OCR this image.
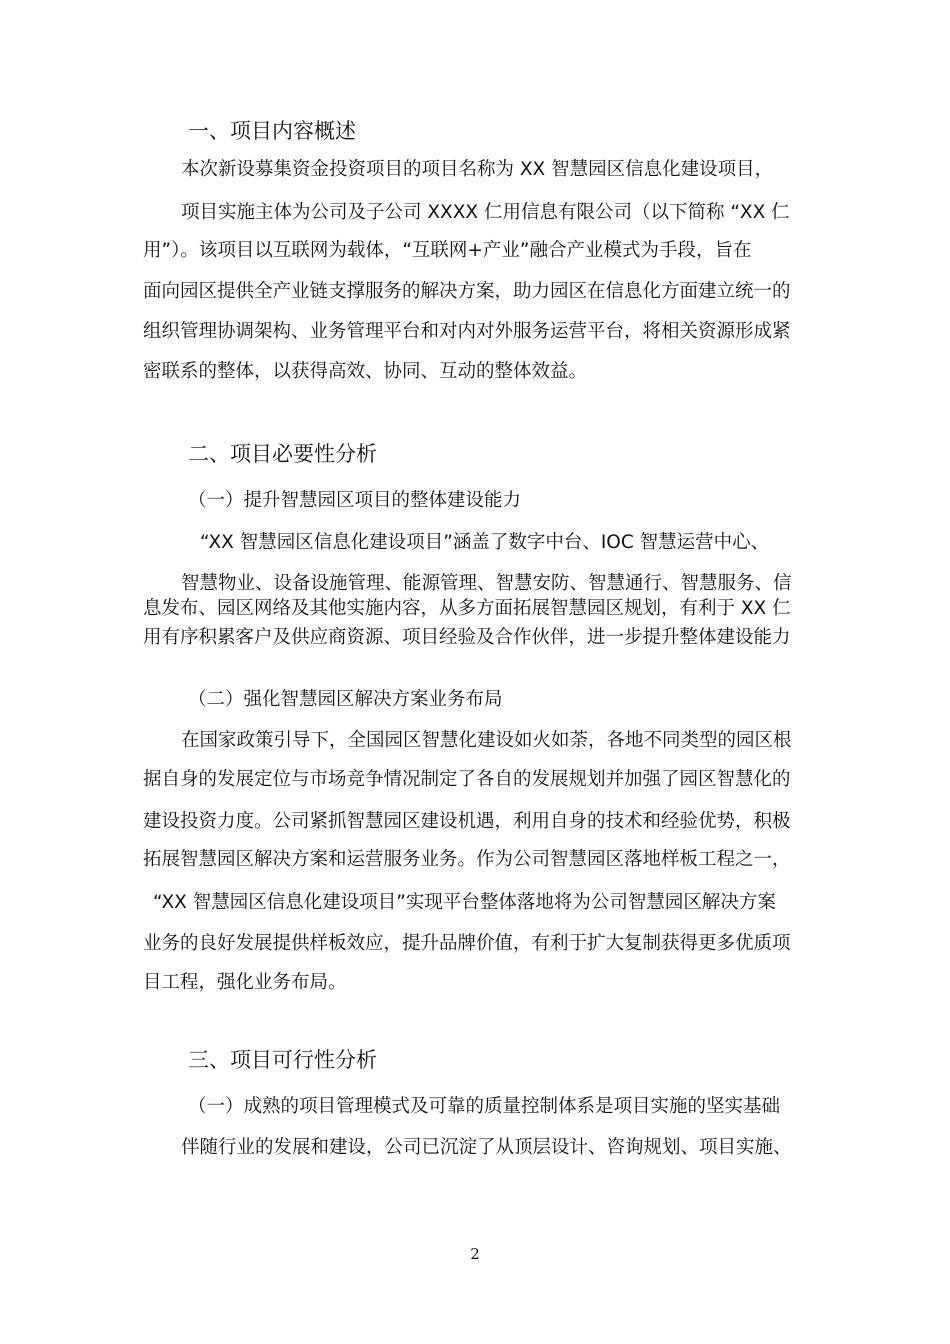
一、项目内容概述
本次新设募集资金投资项目的项目名称为 XX 智慧园区信息化建设项目，
项目实施主体为公司及子公司 XXXX 仁用信息有限公司（以下简称 “XX 仁
用”）。该项目以互联网为载体，“互联网+产业”融合产业模式为手段，旨在
面向园区提供全产业链支撑服务的解决方案，助力园区在信息化方面建立统一的
组织管理协调架构、业务管理平台和对内对外服务运营平台，将相关资源形成紧
密联系的整体，以获得高效、协同、互动的整体效益。
二、项目必要性分析
（一）提升智慧园区项目的整体建设能力
“XX 智慧园区信息化建设项目”涵盖了数字中台、IOC 智慧运营中心、
智慧物业、设备设施管理、能源管理、智慧安防、智慧通行、智慧服务、信
息发布、园区网络及其他实施内容，从多方面拓展智慧园区规划，有利于 XX 仁
用有序积累客户及供应商资源、项目经验及合作伙伴，进一步提升整体建设能力
（二）强化智慧园区解决方案业务布局
在国家政策引导下，全国园区智慧化建设如火如荼，各地不同类型的园区根
据自身的发展定位与市场竞争情况制定了各自的发展规划并加强了园区智慧化的
建设投资力度。公司紧抓智慧园区建设机遇，利用自身的技术和经验优势，积极
拓展智慧园区解决方案和运营服务业务。作为公司智慧园区落地样板工程之一，
“XX 智慧园区信息化建设项目”实现平台整体落地将为公司智慧园区解决方案
业务的良好发展提供样板效应，提升品牌价值，有利于扩大复制获得更多优质项
目工程，强化业务布局。
三、项目可行性分析
（一）成熟的项目管理模式及可靠的质量控制体系是项目实施的坚实基础
伴随行业的发展和建设，公司已沉淀了从顶层设计、咨询规划、项目实施、
2
